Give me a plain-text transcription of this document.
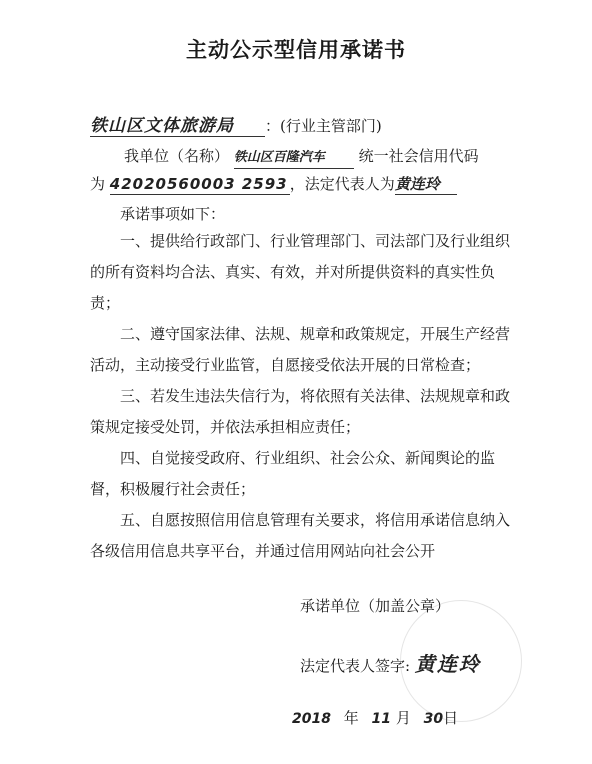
主动公示型信用承诺书
铁山区文体旅游局 ：(行业主管部门)
我单位（名称） 铁山区百隆汽车 统一社会信用代码
为 42020560003 2593 ，法定代表人为黄连玲
承诺事项如下：

一、提供给行政部门、行业管理部门、司法部门及行业组织的所有资料均合法、真实、有效，并对所提供资料的真实性负责；

二、遵守国家法律、法规、规章和政策规定，开展生产经营活动，主动接受行业监管，自愿接受依法开展的日常检查；

三、若发生违法失信行为，将依照有关法律、法规规章和政策规定接受处罚，并依法承担相应责任；

四、自觉接受政府、行业组织、社会公众、新闻舆论的监督，积极履行社会责任；

五、自愿按照信用信息管理有关要求，将信用承诺信息纳入各级信用信息共享平台，并通过信用网站向社会公开

承诺单位（加盖公章）
法定代表人签字: 黄连玲
2018 年 11 月 30日
